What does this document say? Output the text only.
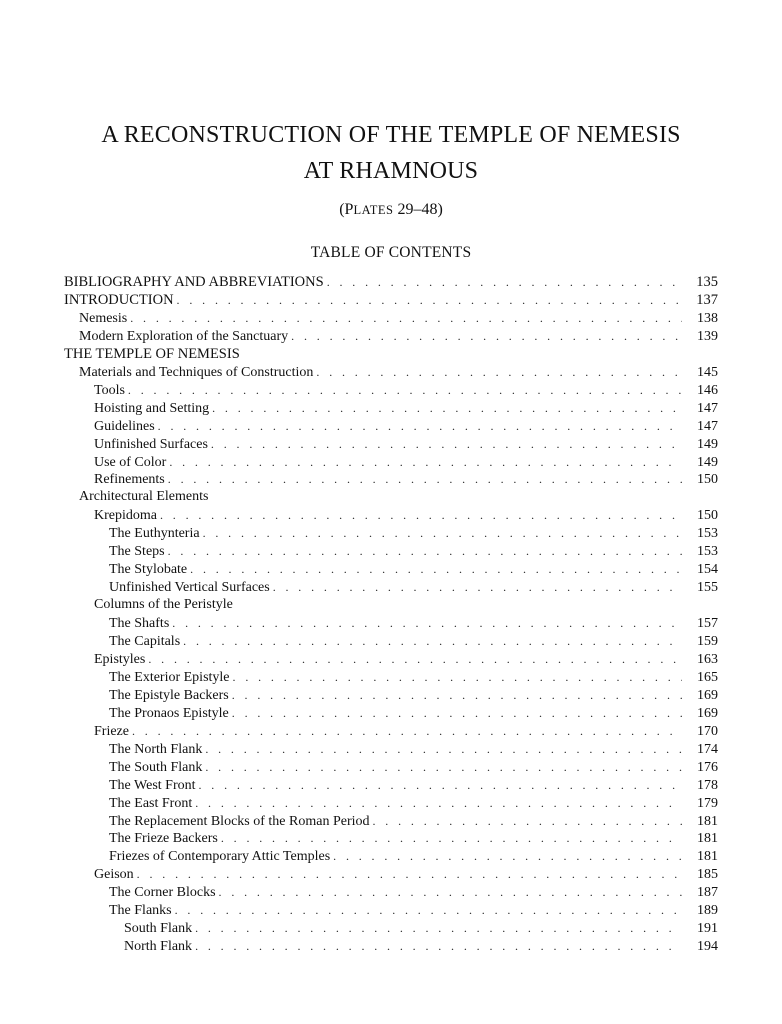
A RECONSTRUCTION OF THE TEMPLE OF NEMESIS
AT RHAMNOUS
(PLATES 29–48)
TABLE OF CONTENTS
BIBLIOGRAPHY AND ABBREVIATIONS . . .	135
INTRODUCTION . . .	137
Nemesis . . .	138
Modern Exploration of the Sanctuary . . .	139
THE TEMPLE OF NEMESIS
Materials and Techniques of Construction . . .	145
Tools . . .	146
Hoisting and Setting . . .	147
Guidelines . . .	147
Unfinished Surfaces . . .	149
Use of Color . . .	149
Refinements . . .	150
Architectural Elements
Krepidoma . . .	150
The Euthynteria . . .	153
The Steps . . .	153
The Stylobate . . .	154
Unfinished Vertical Surfaces . . .	155
Columns of the Peristyle
The Shafts . . .	157
The Capitals . . .	159
Epistyles . . .	163
The Exterior Epistyle . . .	165
The Epistyle Backers . . .	169
The Pronaos Epistyle . . .	169
Frieze . . .	170
The North Flank . . .	174
The South Flank . . .	176
The West Front . . .	178
The East Front . . .	179
The Replacement Blocks of the Roman Period . . .	181
The Frieze Backers . . .	181
Friezes of Contemporary Attic Temples . . .	181
Geison . . .	185
The Corner Blocks . . .	187
The Flanks . . .	189
South Flank . . .	191
North Flank . . .	194
